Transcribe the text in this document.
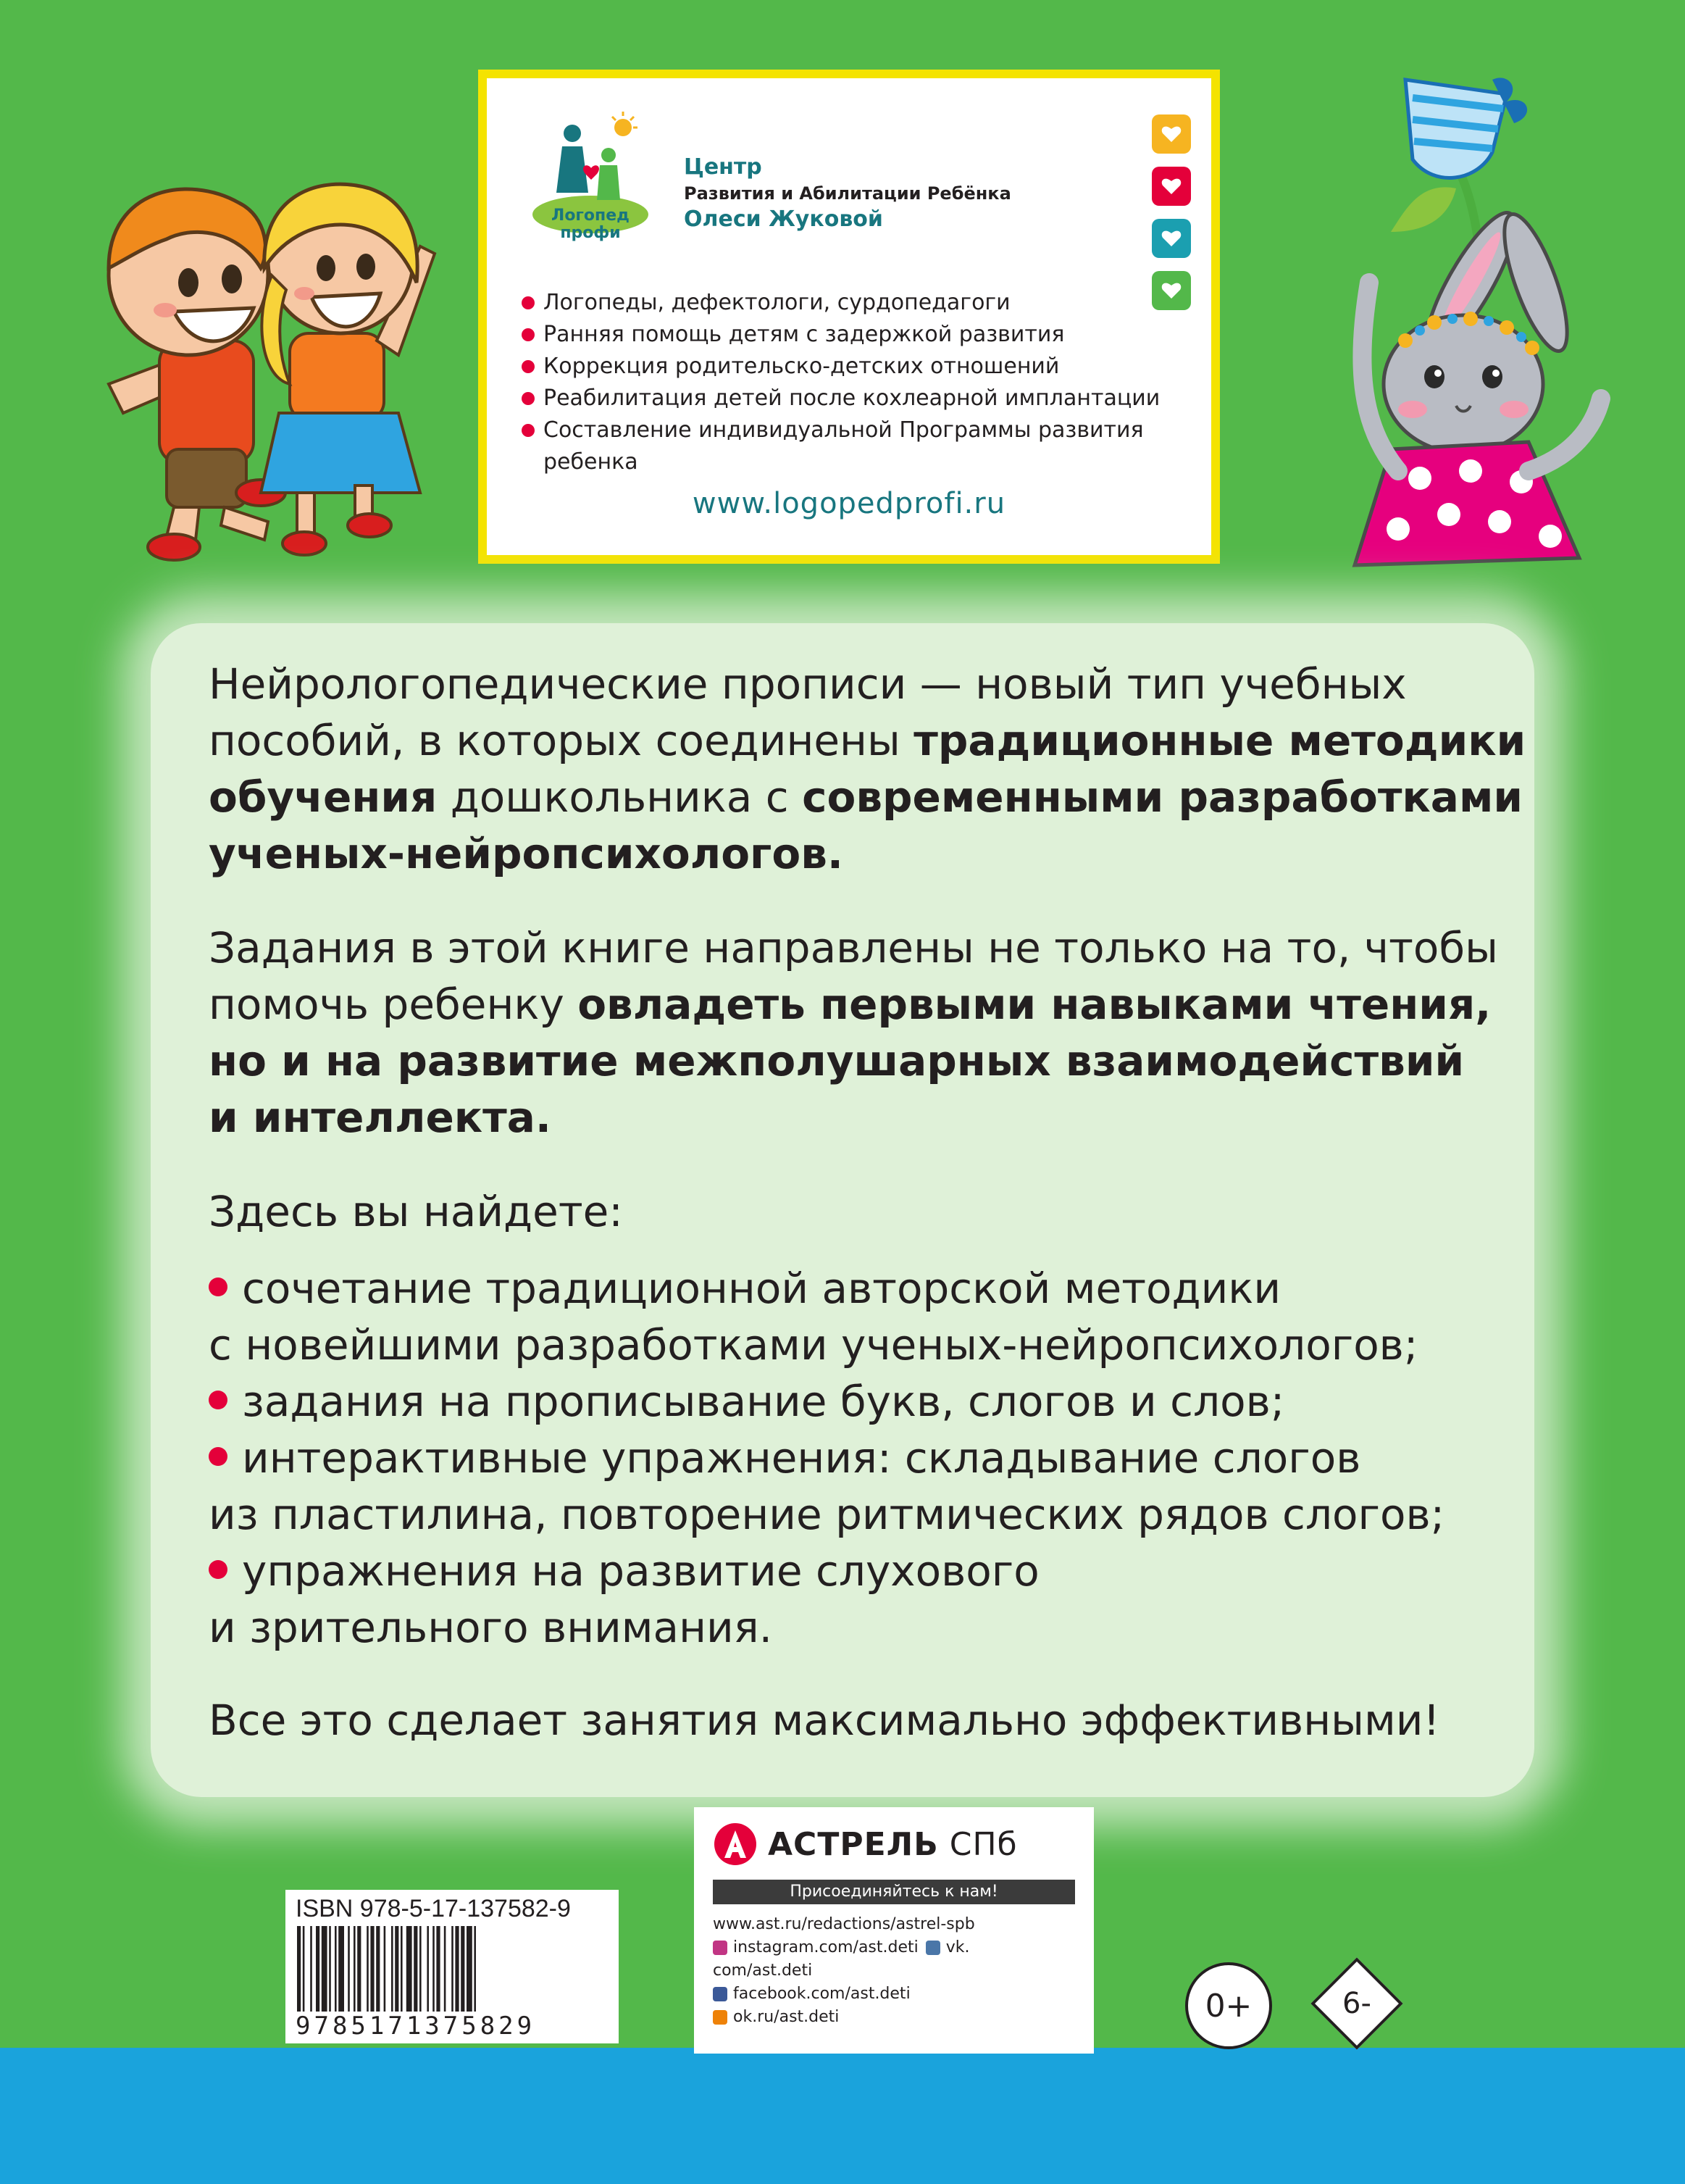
Логопед
профи
Центр
Развития и Абилитации Ребёнка
Олеси Жуковой
Логопеды, дефектологи, сурдопедагоги
Ранняя помощь детям с задержкой развития
Коррекция родительско-детских отношений
Реабилитация детей после кохлеарной имплантации
Составление индивидуальной Программы развития ребенка
www.logopedprofi.ru

Нейрологопедические прописи — новый тип учебных пособий, в которых соединены традиционные методики обучения дошкольника с современными разработками ученых-нейропсихологов.

Задания в этой книге направлены не только на то, чтобы помочь ребенку овладеть первыми навыками чтения, но и на развитие межполушарных взаимодействий и интеллекта.

Здесь вы найдете:

сочетание традиционной авторской методики
с новейшими разработками ученых-нейропсихологов;
задания на прописывание букв, слогов и слов;
интерактивные упражнения: складывание слогов
из пластилина, повторение ритмических рядов слогов;
упражнения на развитие слухового
и зрительного внимания.

Все это сделает занятия максимально эффективными!

ISBN 978-5-17-137582-9
9785171375829
АСТРЕЛЬ СПб
Присоединяйтесь к нам!
www.ast.ru/redactions/astrel-spb
instagram.com/ast.deti vk.
com/ast.deti
facebook.com/ast.deti
ok.ru/ast.deti	0+	6-
